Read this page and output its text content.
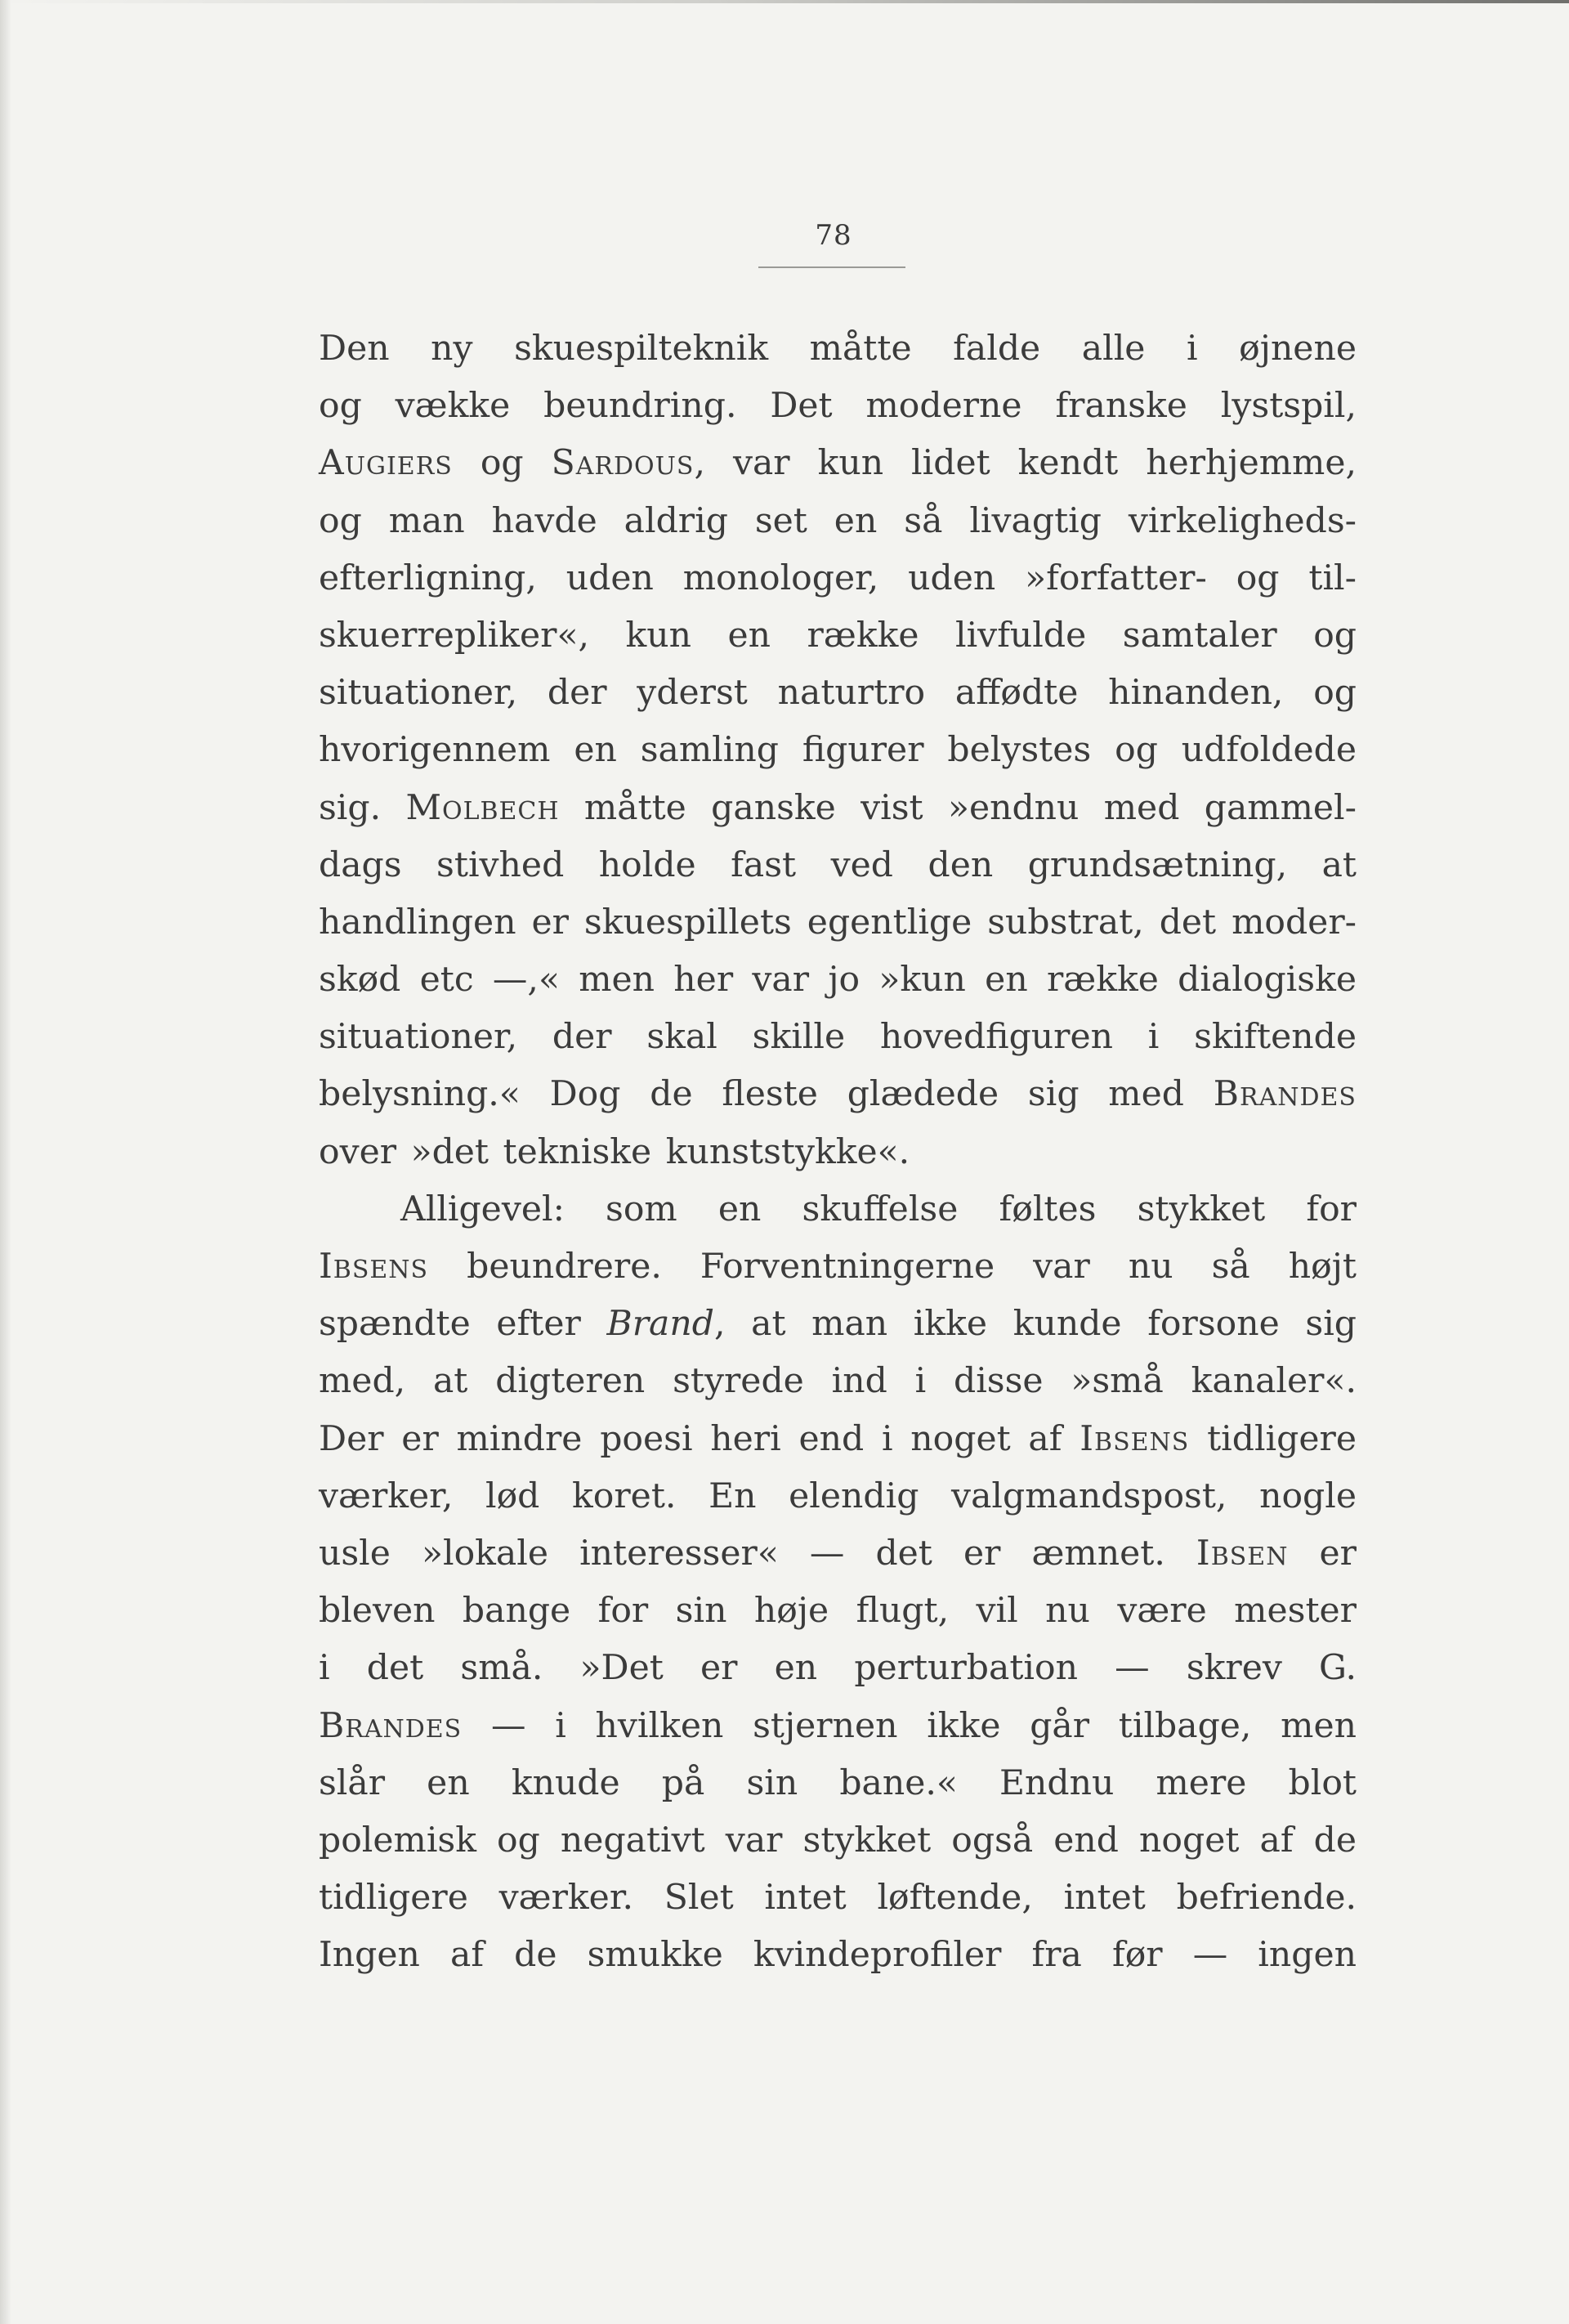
78
Den ny skuespilteknik måtte falde alle i øjnene
og vække beundring. Det moderne franske lystspil,
Augiers og Sardous, var kun lidet kendt herhjemme,
og man havde aldrig set en så livagtig virkeligheds-
efterligning, uden monologer, uden »forfatter- og til-
skuerrepliker«, kun en række livfulde samtaler og
situationer, der yderst naturtro affødte hinanden, og
hvorigennem en samling figurer belystes og udfoldede
sig. Molbech måtte ganske vist »endnu med gammel-
dags stivhed holde fast ved den grundsætning, at
handlingen er skuespillets egentlige substrat, det moder-
skød etc —,« men her var jo »kun en række dialogiske
situationer, der skal skille hovedfiguren i skiftende
belysning.« Dog de fleste glædede sig med Brandes
over »det tekniske kunststykke«.
Alligevel: som en skuffelse føltes stykket for
Ibsens beundrere. Forventningerne var nu så højt
spændte efter Brand, at man ikke kunde forsone sig
med, at digteren styrede ind i disse »små kanaler«.
Der er mindre poesi heri end i noget af Ibsens tidligere
værker, lød koret. En elendig valgmandspost, nogle
usle »lokale interesser« — det er æmnet. Ibsen er
bleven bange for sin høje flugt, vil nu være mester
i det små. »Det er en perturbation — skrev G.
Brandes — i hvilken stjernen ikke går tilbage, men
slår en knude på sin bane.« Endnu mere blot
polemisk og negativt var stykket også end noget af de
tidligere værker. Slet intet løftende, intet befriende.
Ingen af de smukke kvindeprofiler fra før — ingen
